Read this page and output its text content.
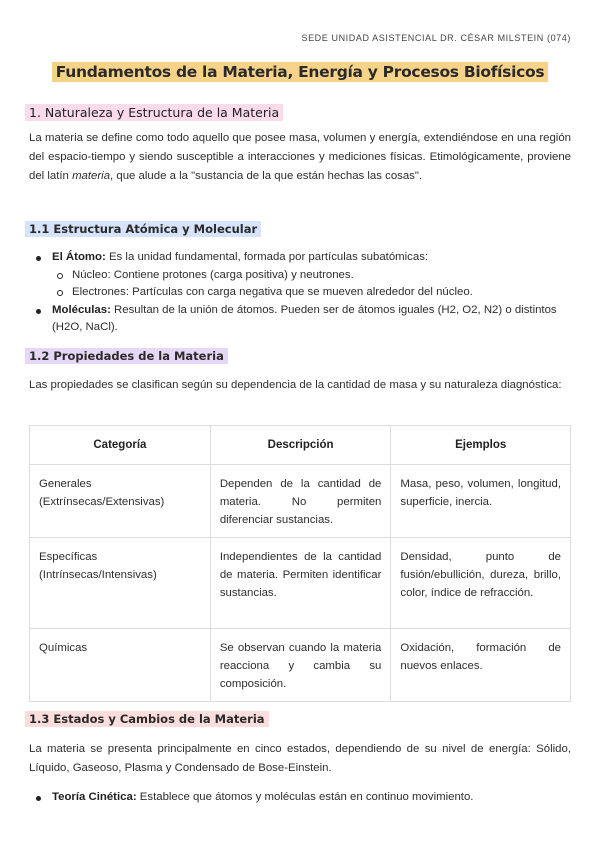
SEDE UNIDAD ASISTENCIAL DR. CÉSAR MILSTEIN (074)
Fundamentos de la Materia, Energía y Procesos Biofísicos
1. Naturaleza y Estructura de la Materia

La materia se define como todo aquello que posee masa, volumen y energía, extendiéndose en una región del espacio-tiempo y siendo susceptible a interacciones y mediciones físicas. Etimológicamente, proviene del latín materia, que alude a la "sustancia de la que están hechas las cosas".

1.1 Estructura Atómica y Molecular
El Átomo: Es la unidad fundamental, formada por partículas subatómicas:
Núcleo: Contiene protones (carga positiva) y neutrones.
Electrones: Partículas con carga negativa que se mueven alrededor del núcleo.
Moléculas: Resultan de la unión de átomos. Pueden ser de átomos iguales (H2, O2, N2) o distintos (H2O, NaCl).
1.2 Propiedades de la Materia

Las propiedades se clasifican según su dependencia de la cantidad de masa y su naturaleza diagnóstica:

Categoría	Descripción	Ejemplos
Generales (Extrínsecas/Extensivas)	Dependen de la cantidad de materia. No permiten diferenciar sustancias.	Masa, peso, volumen, longitud, superficie, inercia.
Específicas (Intrínsecas/Intensivas)	Independientes de la cantidad de materia. Permiten identificar sustancias.	Densidad, punto de fusión/ebullición, dureza, brillo, color, índice de refracción.
Químicas	Se observan cuando la materia reacciona y cambia su composición.	Oxidación, formación de nuevos enlaces.
1.3 Estados y Cambios de la Materia

La materia se presenta principalmente en cinco estados, dependiendo de su nivel de energía: Sólido, Líquido, Gaseoso, Plasma y Condensado de Bose-Einstein.

Teoría Cinética: Establece que átomos y moléculas están en continuo movimiento.
